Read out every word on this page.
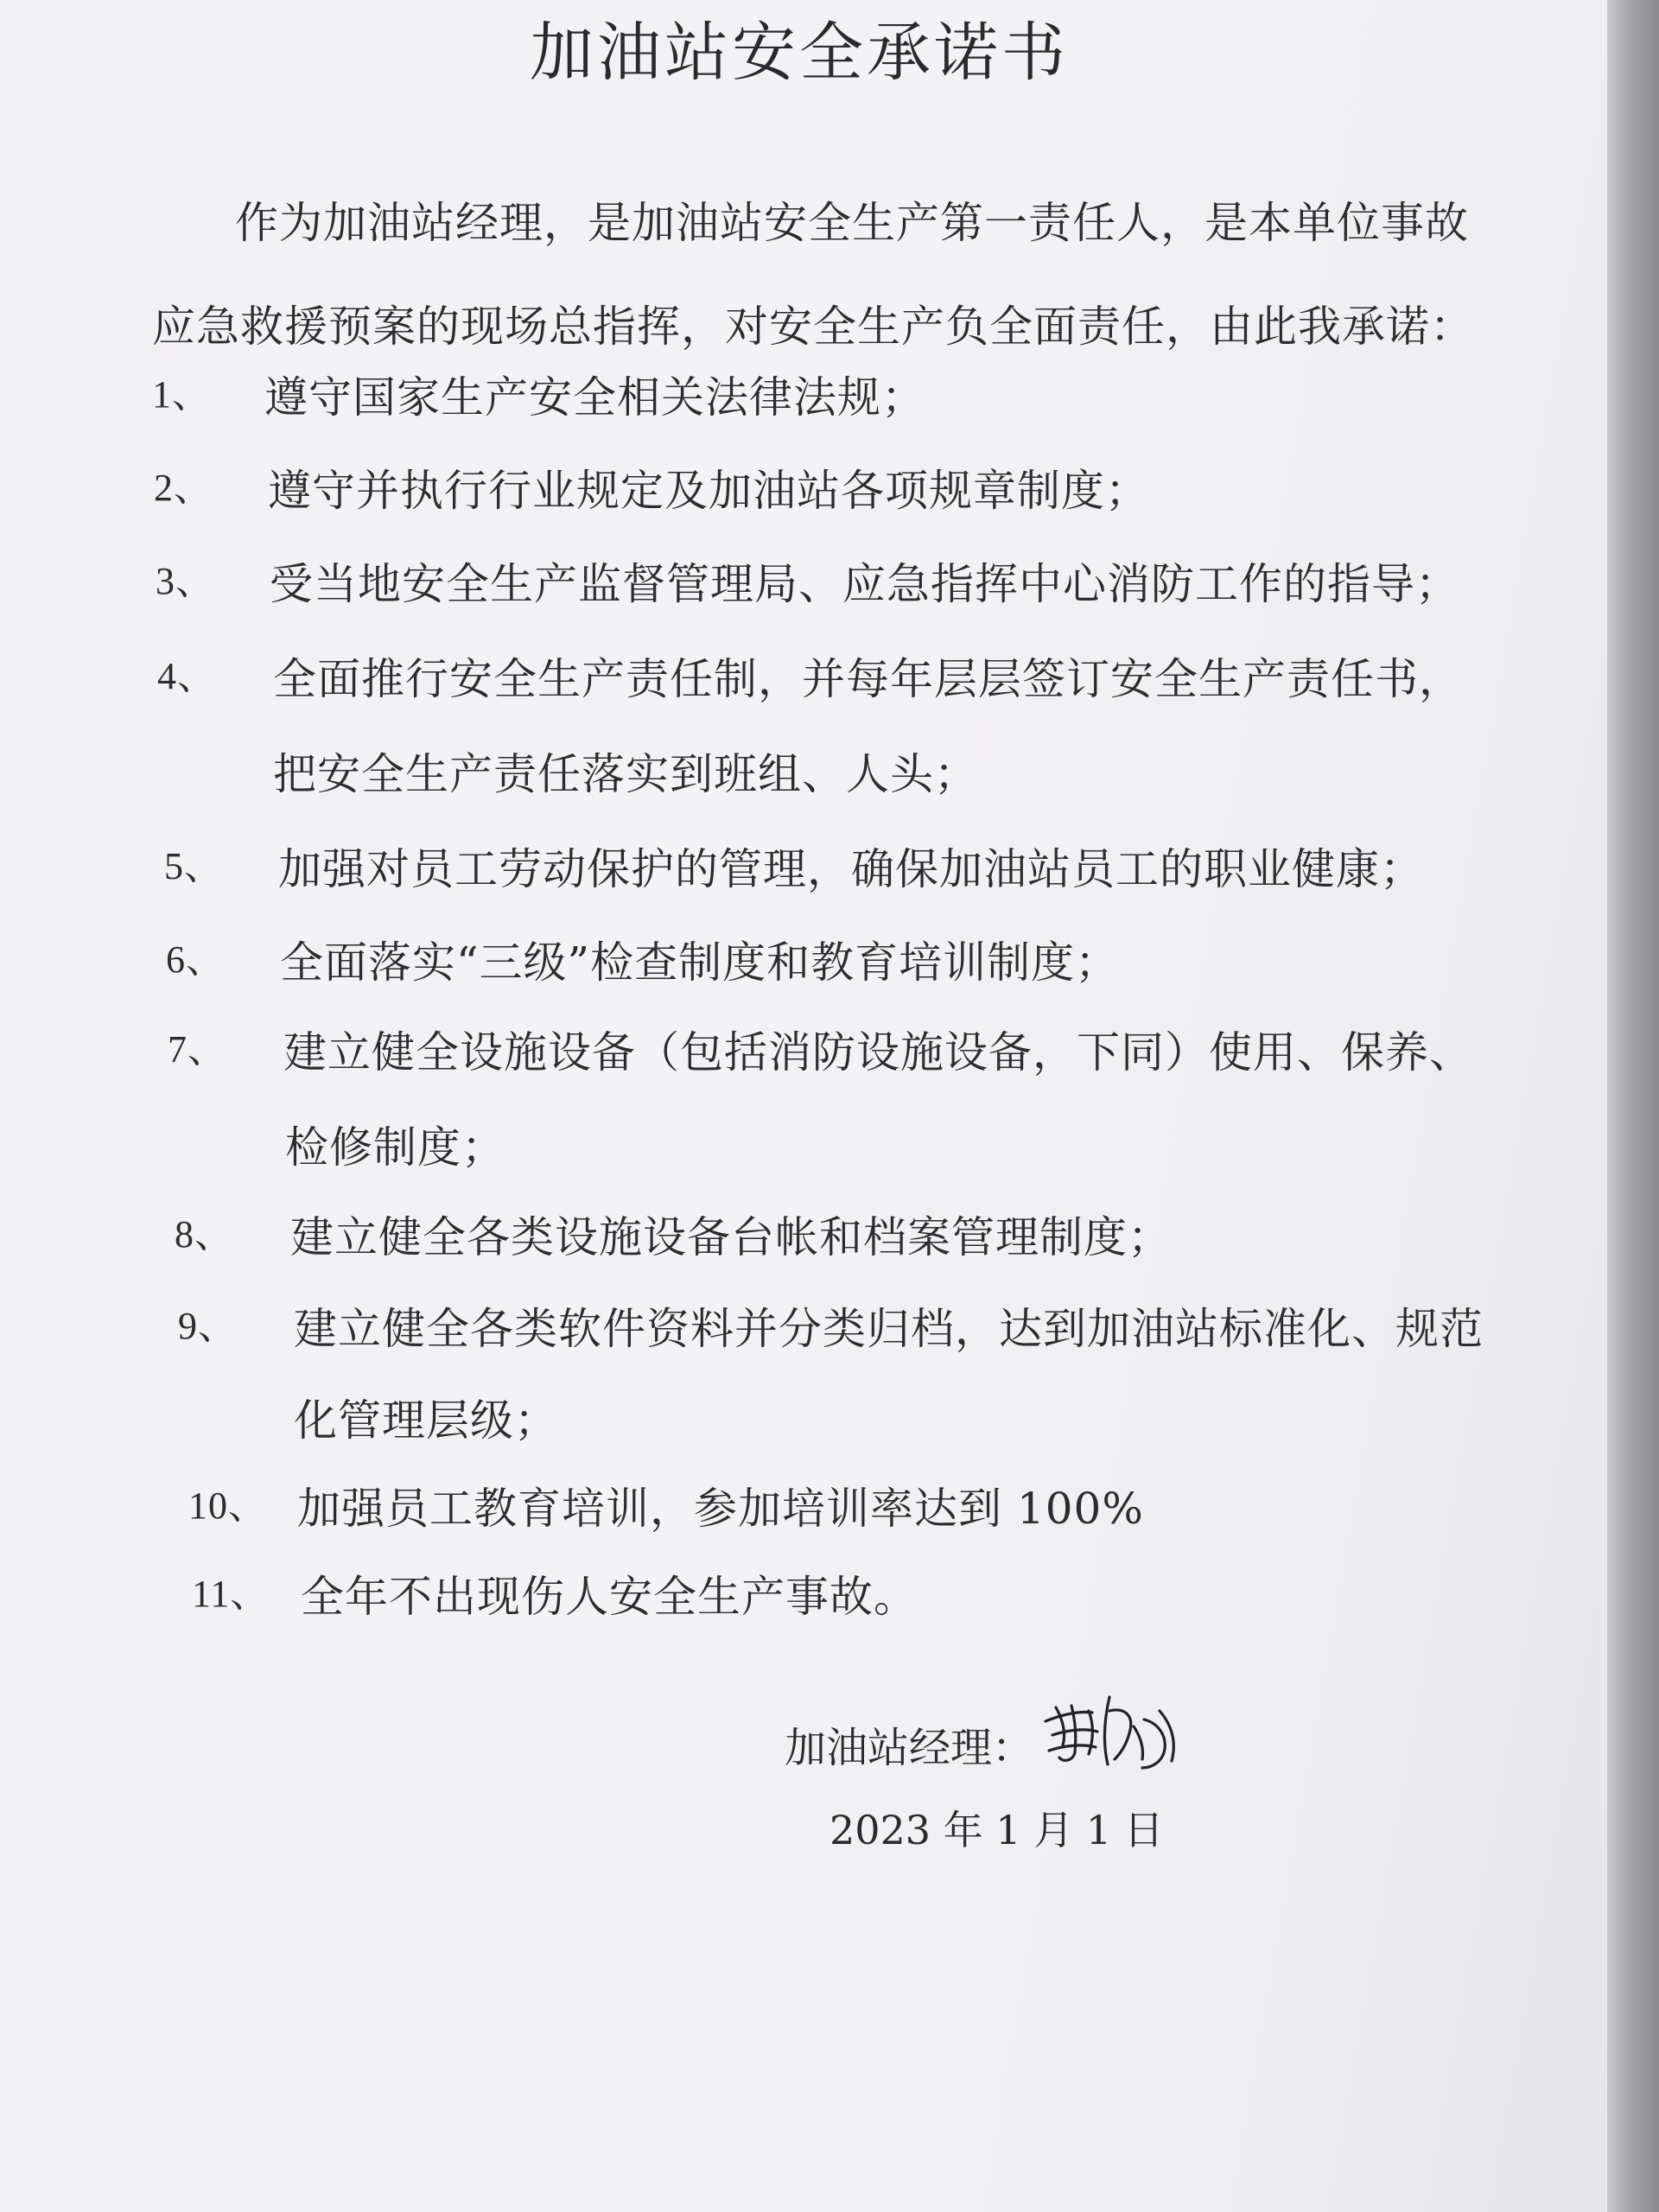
加油站安全承诺书
作为加油站经理，是加油站安全生产第一责任人，是本单位事故
应急救援预案的现场总指挥，对安全生产负全面责任，由此我承诺：
1、 遵守国家生产安全相关法律法规；
2、 遵守并执行行业规定及加油站各项规章制度；
3、 受当地安全生产监督管理局、应急指挥中心消防工作的指导；
4、 全面推行安全生产责任制，并每年层层签订安全生产责任书，
把安全生产责任落实到班组、人头；
5、 加强对员工劳动保护的管理，确保加油站员工的职业健康；
6、 全面落实“三级”检查制度和教育培训制度；
7、 建立健全设施设备（包括消防设施设备，下同）使用、保养、
检修制度；
8、 建立健全各类设施设备台帐和档案管理制度；
9、 建立健全各类软件资料并分类归档，达到加油站标准化、规范
化管理层级；
10、 加强员工教育培训，参加培训率达到 100%
11、 全年不出现伤人安全生产事故。
加油站经理：
2023 年 1 月 1 日
